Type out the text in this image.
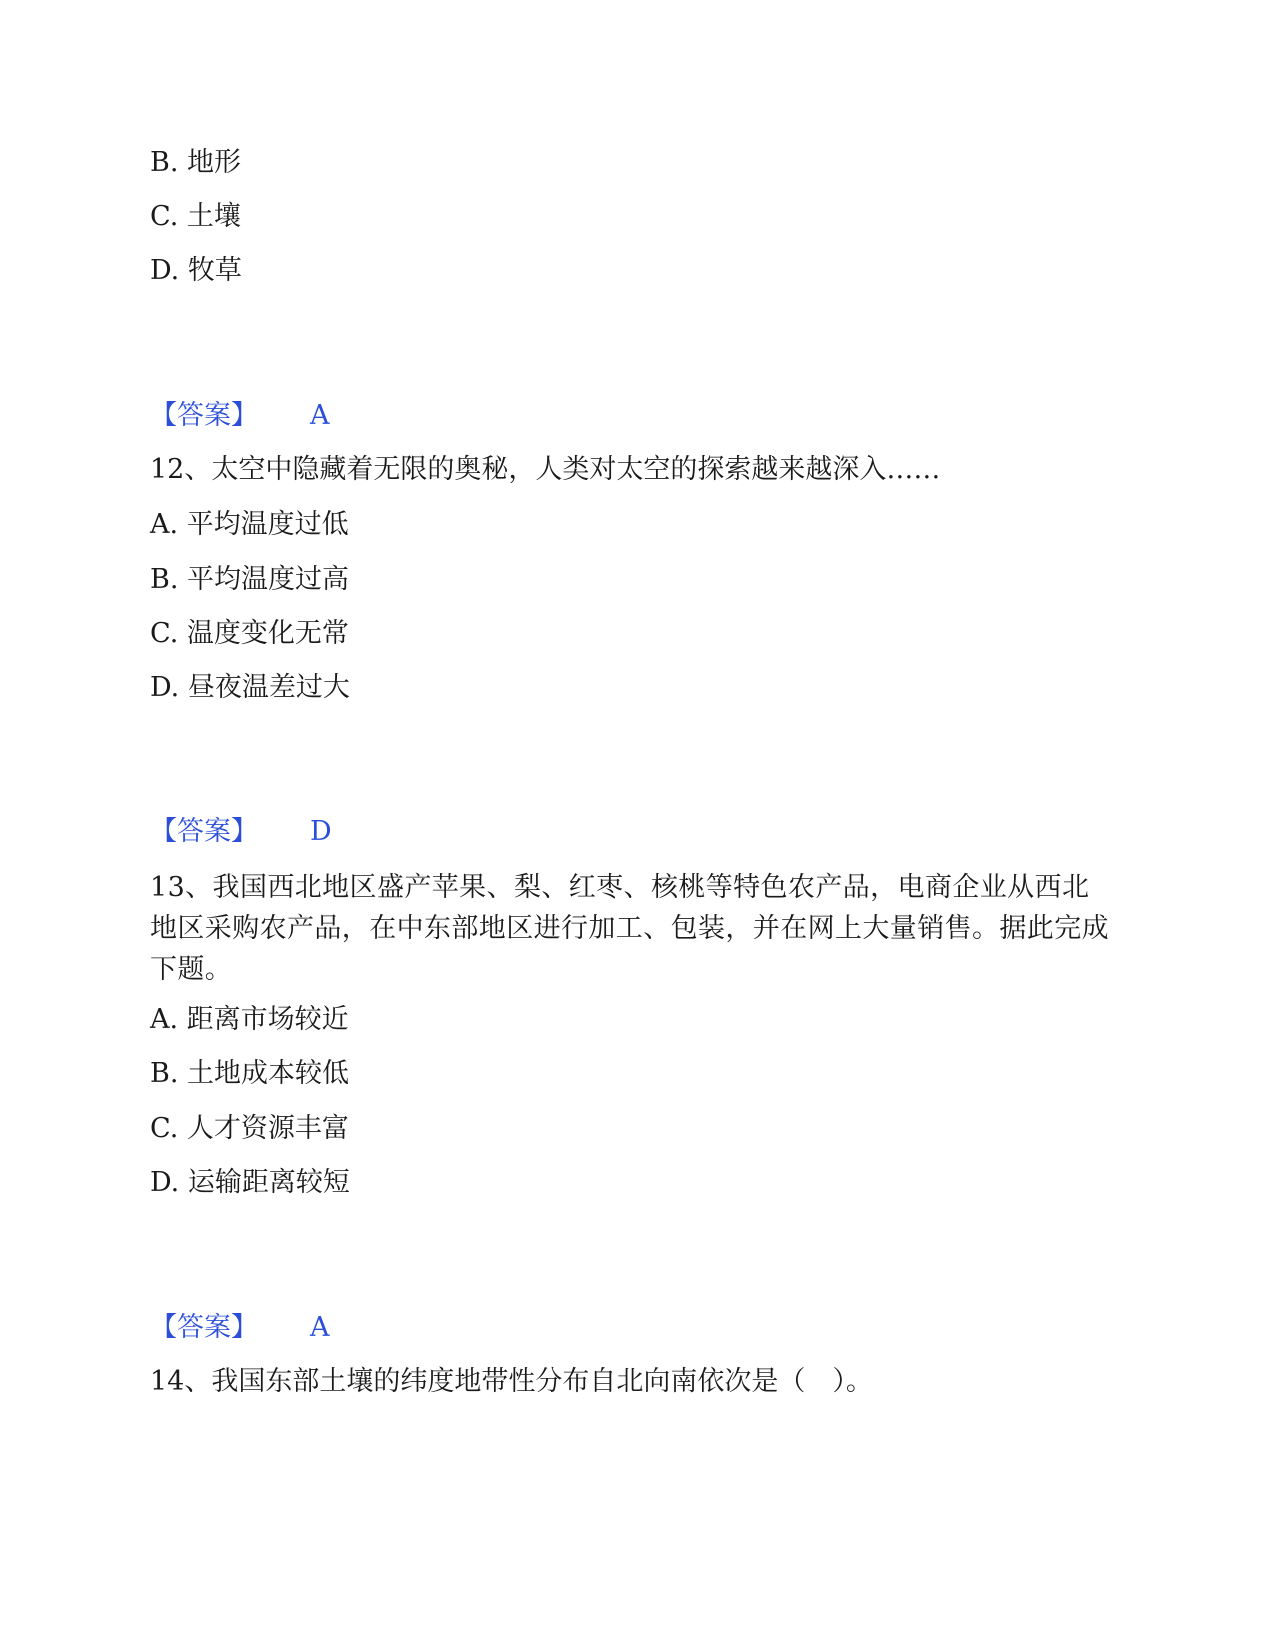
B. 地形
C. 土壤
D. 牧草
【答案】 A
12、太空中隐藏着无限的奥秘，人类对太空的探索越来越深入……
A. 平均温度过低
B. 平均温度过高
C. 温度变化无常
D. 昼夜温差过大
【答案】 D
13、我国西北地区盛产苹果、梨、红枣、核桃等特色农产品，电商企业从西北地区采购农产品，在中东部地区进行加工、包装，并在网上大量销售。据此完成下题。
A. 距离市场较近
B. 土地成本较低
C. 人才资源丰富
D. 运输距离较短
【答案】 A
14、我国东部土壤的纬度地带性分布自北向南依次是（　）。
